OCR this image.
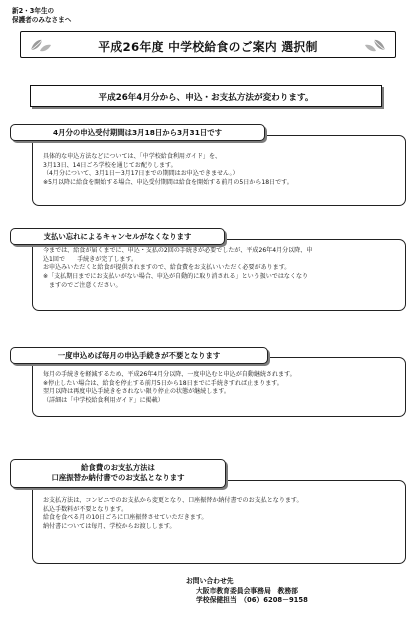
新2・3年生の
保護者のみなさまへ
平成26年度 中学校給食のご案内 選択制
平成26年4月分から、申込・お支払方法が変わります。

具体的な申込方法などについては、「中学校給食利用ガイド」を、

3月13日、14日ごろ学校を通じてお配りします。

（4月分について、3月1日～3月17日までの期間はお申込できません。）

※5月以降に給食を開始する場合、申込受付期間は給食を開始する前月の5日から18日です。

4月分の申込受付期間は3月18日から3月31日です

今までは、給食が届くまでに、申込・支払の2回の手続きが必要でしたが、平成26年4月分以降、申

込1回で　　手続きが完了します。

お申込みいただくと給食が提供されますので、給食費をお支払いいただく必要があります。

※「支払期日までにお支払いがない場合、申込が自動的に取り消される」という扱いではなくなり

　ますのでご注意ください。

支払い忘れによるキャンセルがなくなります

毎月の手続きを軽減するため、平成26年4月分以降、一度申込むと申込が自動継続されます。

※停止したい場合は、給食を停止する前月5日から18日までに手続きすれば止まります。

翌月以降は再度申込手続きをされない限り停止の状態が継続します。

（詳細は「中学校給食利用ガイド」に掲載）

一度申込めば毎月の申込手続きが不要となります

お支払方法は、コンビニでのお支払から変更となり、口座振替か納付書でのお支払となります。

払込手数料が不要となります。

給食を食べる月の10日ごろに口座振替させていただきます。

納付書については毎月、学校からお渡しします。

給食費のお支払方法は
口座振替か納付書でのお支払となります
お問い合わせ先
大阪市教育委員会事務局　教務部
学校保健担当　（06）6208－9158
